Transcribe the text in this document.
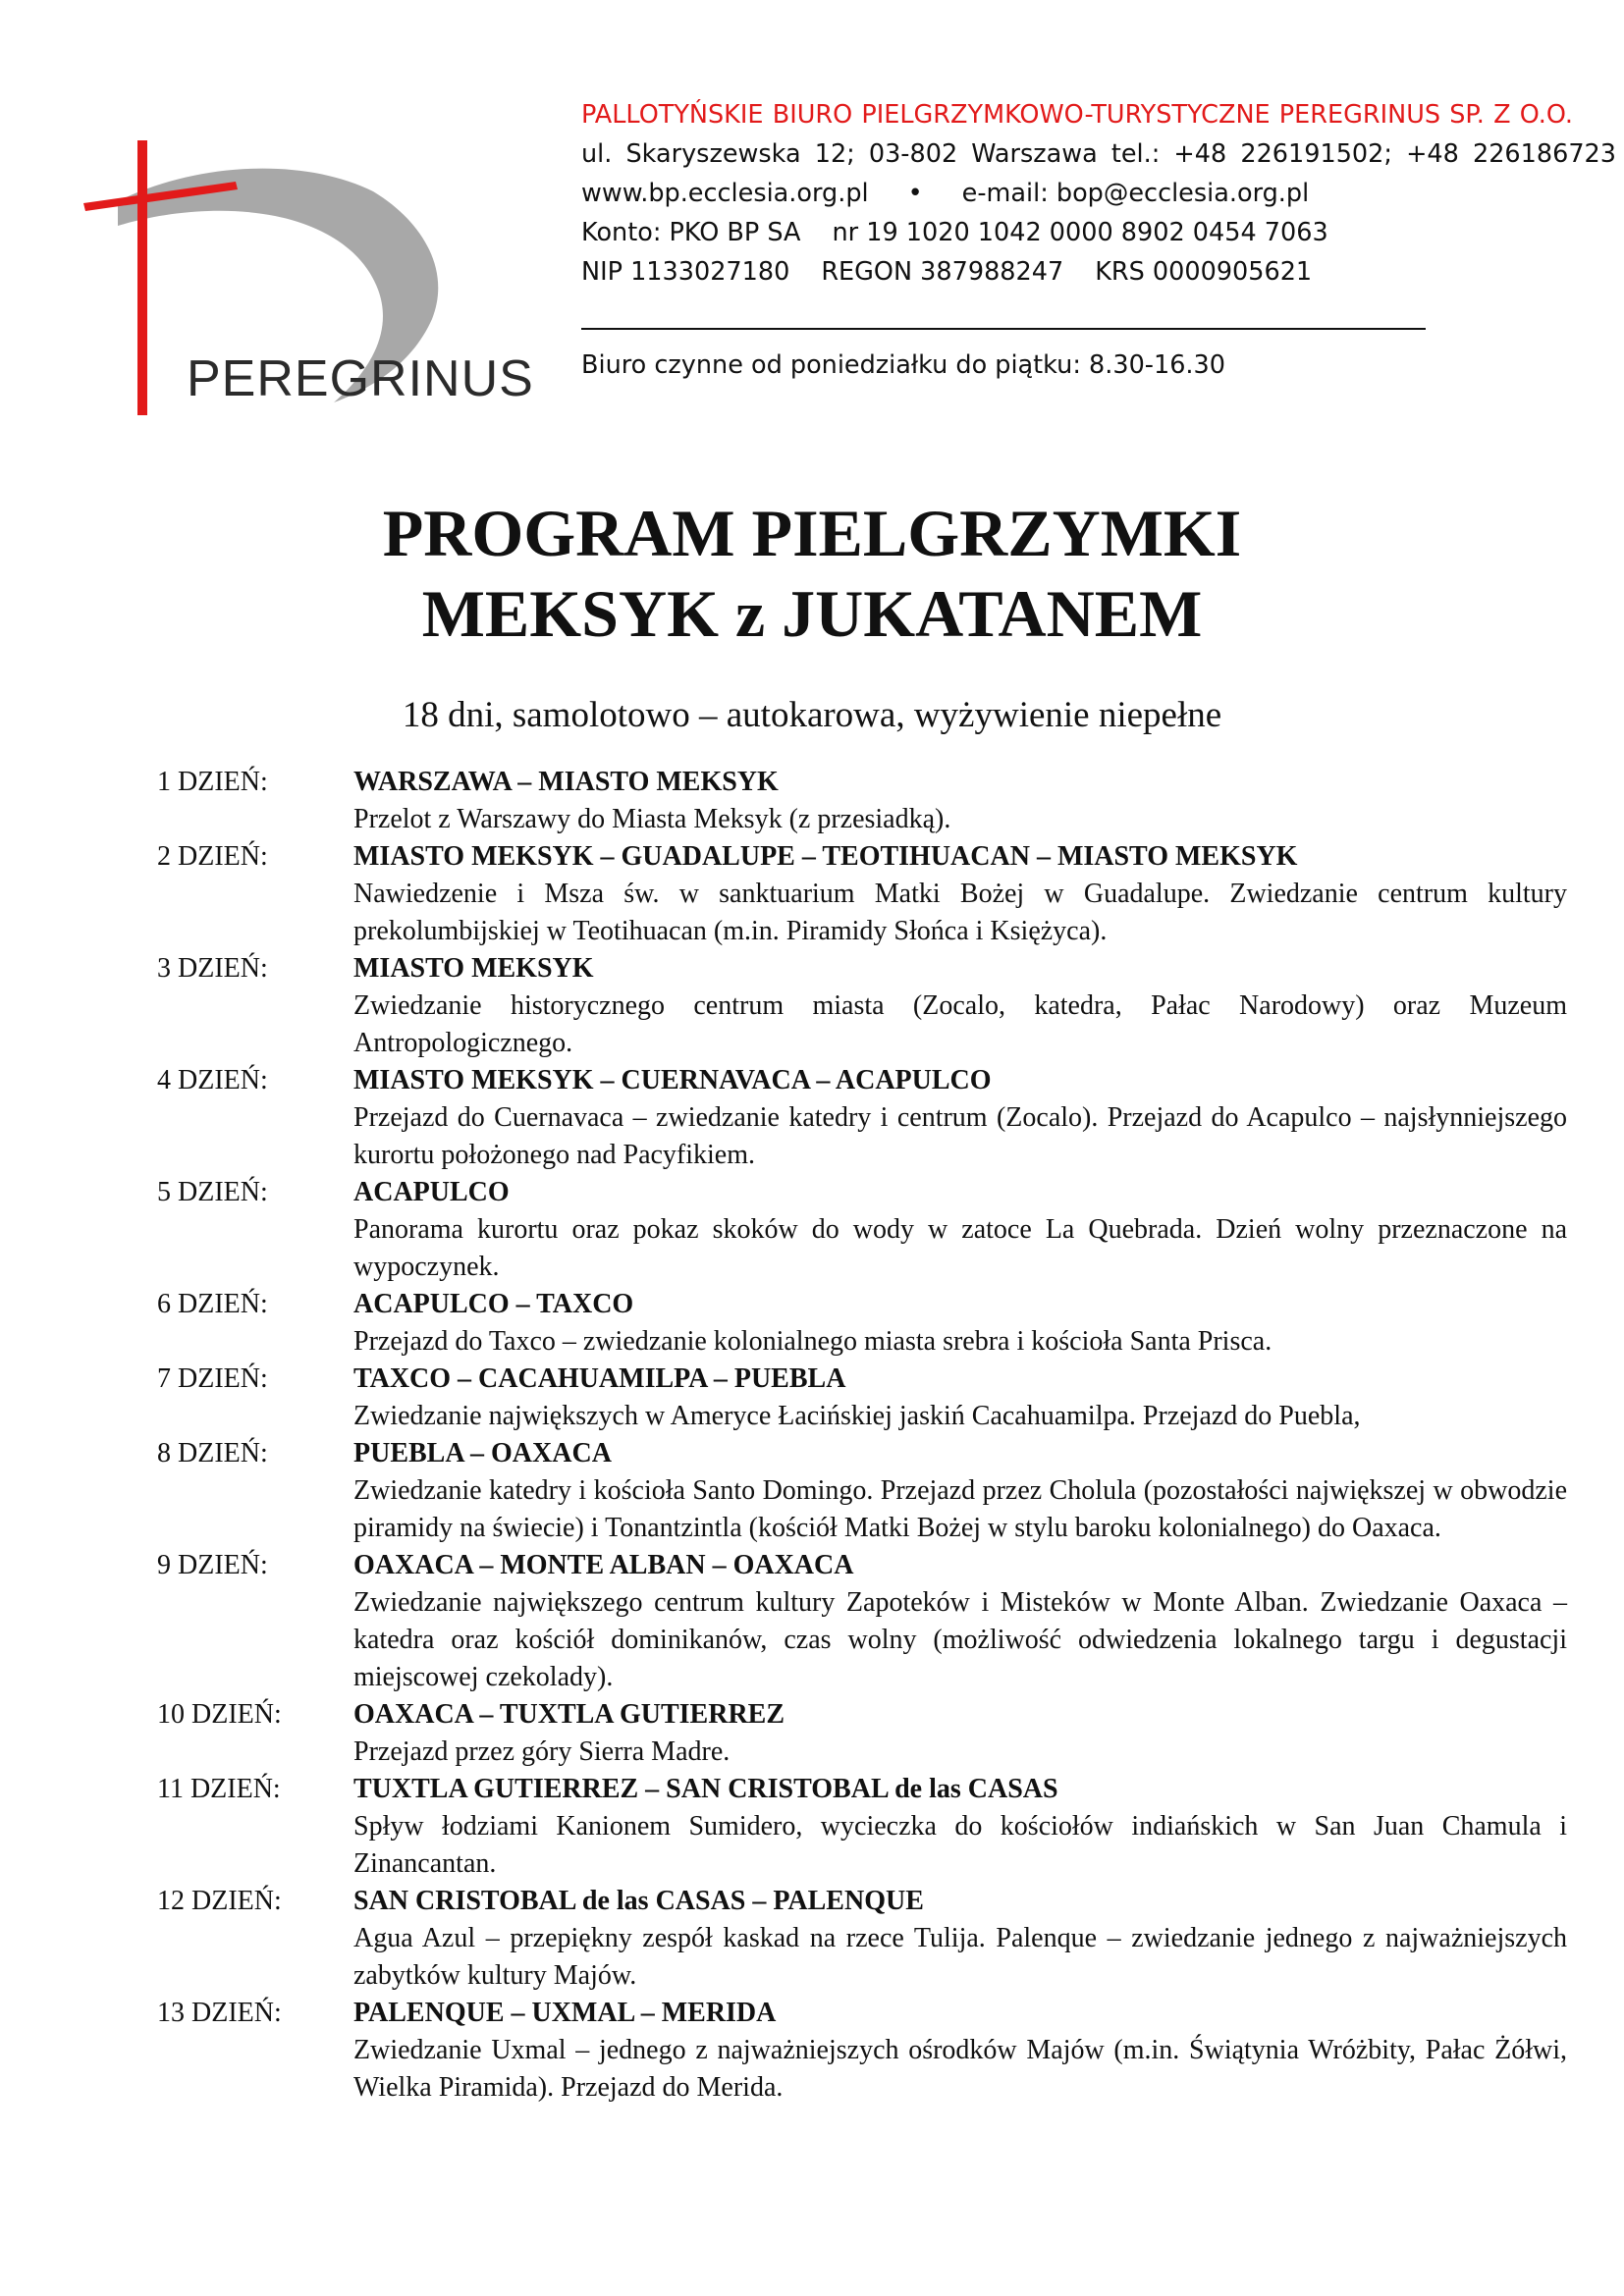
PEREGRINUS
PALLOTYŃSKIE BIURO PIELGRZYMKOWO-TURYSTYCZNE PEREGRINUS SP. Z O.O.
ul. Skaryszewska 12; 03-802 Warszawa tel.: +48 226191502; +48 226186723
www.bp.ecclesia.org.pl • e-mail: bop@ecclesia.org.pl
Konto: PKO BP SA nr 19 1020 1042 0000 8902 0454 7063
NIP 1133027180 REGON 387988247 KRS 0000905621
Biuro czynne od poniedziałku do piątku: 8.30-16.30
PROGRAM PIELGRZYMKI
MEKSYK z JUKATANEM
18 dni, samolotowo – autokarowa, wyżywienie niepełne
1 DZIEŃ:	WARSZAWA – MIASTO MEKSYK
Przelot z Warszawy do Miasta Meksyk (z przesiadką).
2 DZIEŃ:	MIASTO MEKSYK – GUADALUPE – TEOTIHUACAN – MIASTO MEKSYK
Nawiedzenie i Msza św. w sanktuarium Matki Bożej w Guadalupe. Zwiedzanie centrum kultury prekolumbijskiej w Teotihuacan (m.in. Piramidy Słońca i Księżyca).
3 DZIEŃ:	MIASTO MEKSYK
Zwiedzanie historycznego centrum miasta (Zocalo, katedra, Pałac Narodowy) oraz Muzeum Antropologicznego.
4 DZIEŃ:	MIASTO MEKSYK – CUERNAVACA – ACAPULCO
Przejazd do Cuernavaca – zwiedzanie katedry i centrum (Zocalo). Przejazd do Acapulco – najsłynniejszego kurortu położonego nad Pacyfikiem.
5 DZIEŃ:	ACAPULCO
Panorama kurortu oraz pokaz skoków do wody w zatoce La Quebrada. Dzień wolny przeznaczone na wypoczynek.
6 DZIEŃ:	ACAPULCO – TAXCO
Przejazd do Taxco – zwiedzanie kolonialnego miasta srebra i kościoła Santa Prisca.
7 DZIEŃ:	TAXCO – CACAHUAMILPA – PUEBLA
Zwiedzanie największych w Ameryce Łacińskiej jaskiń Cacahuamilpa. Przejazd do Puebla,
8 DZIEŃ:	PUEBLA – OAXACA
Zwiedzanie katedry i kościoła Santo Domingo. Przejazd przez Cholula (pozostałości największej w obwodzie piramidy na świecie) i Tonantzintla (kościół Matki Bożej w stylu baroku kolonialnego) do Oaxaca.
9 DZIEŃ:	OAXACA – MONTE ALBAN – OAXACA
Zwiedzanie największego centrum kultury Zapoteków i Misteków w Monte Alban. Zwiedzanie Oaxaca – katedra oraz kościół dominikanów, czas wolny (możliwość odwiedzenia lokalnego targu i degustacji miejscowej czekolady).
10 DZIEŃ:	OAXACA – TUXTLA GUTIERREZ
Przejazd przez góry Sierra Madre.
11 DZIEŃ:	TUXTLA GUTIERREZ – SAN CRISTOBAL de las CASAS
Spływ łodziami Kanionem Sumidero, wycieczka do kościołów indiańskich w San Juan Chamula i Zinancantan.
12 DZIEŃ:	SAN CRISTOBAL de las CASAS – PALENQUE
Agua Azul – przepiękny zespół kaskad na rzece Tulija. Palenque – zwiedzanie jednego z najważniejszych zabytków kultury Majów.
13 DZIEŃ:	PALENQUE – UXMAL – MERIDA
Zwiedzanie Uxmal – jednego z najważniejszych ośrodków Majów (m.in. Świątynia Wróżbity, Pałac Żółwi, Wielka Piramida). Przejazd do Merida.
